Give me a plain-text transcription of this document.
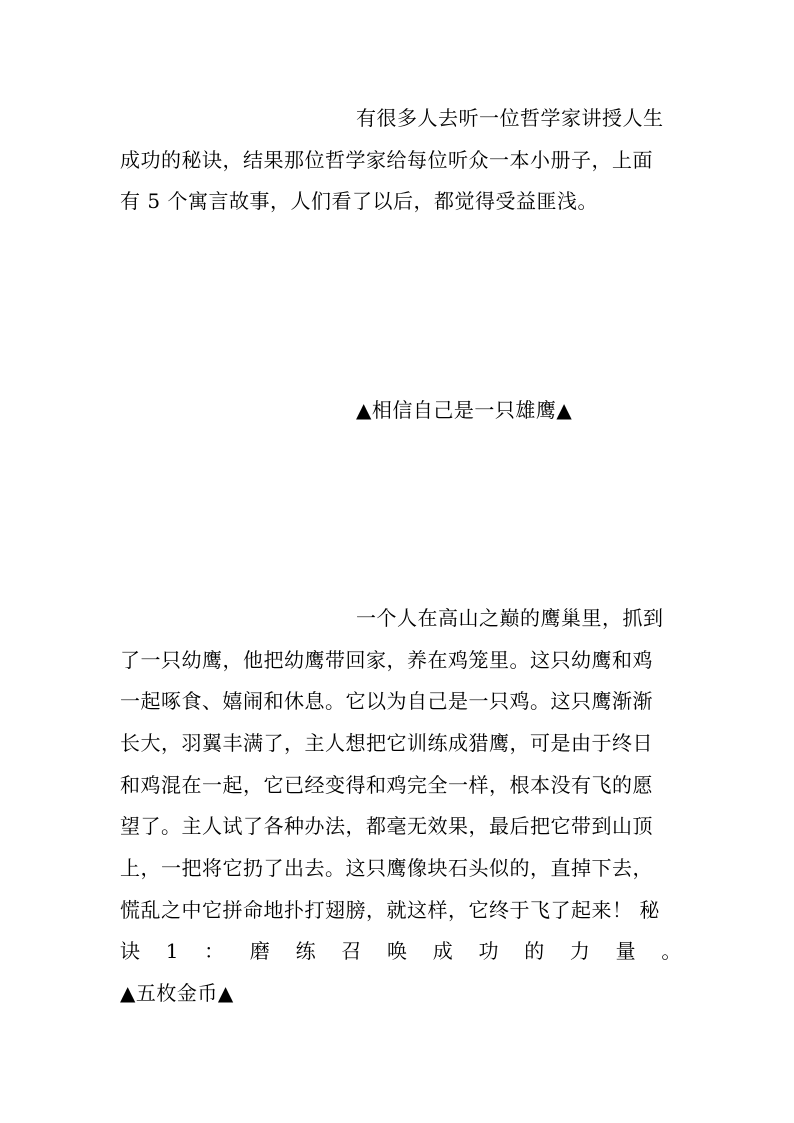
有很多人去听一位哲学家讲授人生
成功的秘诀，结果那位哲学家给每位听众一本小册子，上面
有 5 个寓言故事，人们看了以后，都觉得受益匪浅。
▲相信自己是一只雄鹰▲
一个人在高山之巅的鹰巢里，抓到
了一只幼鹰，他把幼鹰带回家，养在鸡笼里。这只幼鹰和鸡
一起啄食、嬉闹和休息。它以为自己是一只鸡。这只鹰渐渐
长大，羽翼丰满了，主人想把它训练成猎鹰，可是由于终日
和鸡混在一起，它已经变得和鸡完全一样，根本没有飞的愿
望了。主人试了各种办法，都毫无效果，最后把它带到山顶
上，一把将它扔了出去。这只鹰像块石头似的，直掉下去，
慌乱之中它拼命地扑打翅膀，就这样，它终于飞了起来！ 秘
诀 1 ： 磨 练 召 唤 成 功 的 力 量 。
▲五枚金币▲
